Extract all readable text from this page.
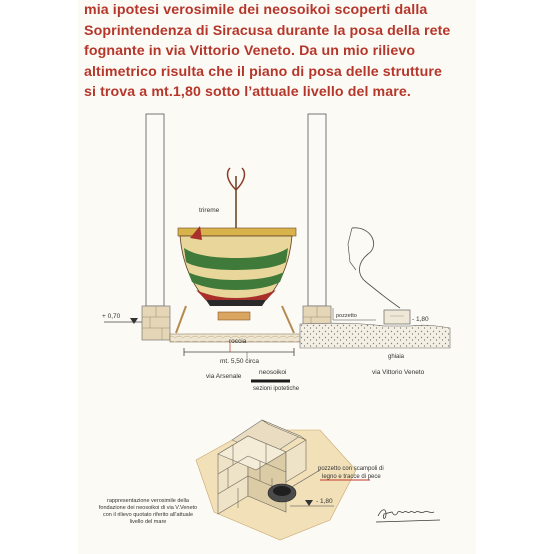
mia ipotesi verosimile dei neosoikoi scoperti dalla
Soprintendenza di Siracusa durante la posa della rete
fognante in via Vittorio Veneto. Da un mio rilievo
altimetrico risulta che il piano di posa delle strutture
si trova a mt.1,80 sotto l’attuale livello del mare.
trireme
+ 0,70	pozzetto	- 1,80
roccia
ghiaia
mt. 5,50 circa
neosoikoi
sezioni ipotetiche
via Arsenale
via Vittorio Veneto
pozzetto con scampoli di
legno e tracce di pece
- 1,80
rappresentazione verosimile della
fondazione dei neosoikoi di via V.Veneto
con il rilievo quotato riferito all'attuale
livello del mare
